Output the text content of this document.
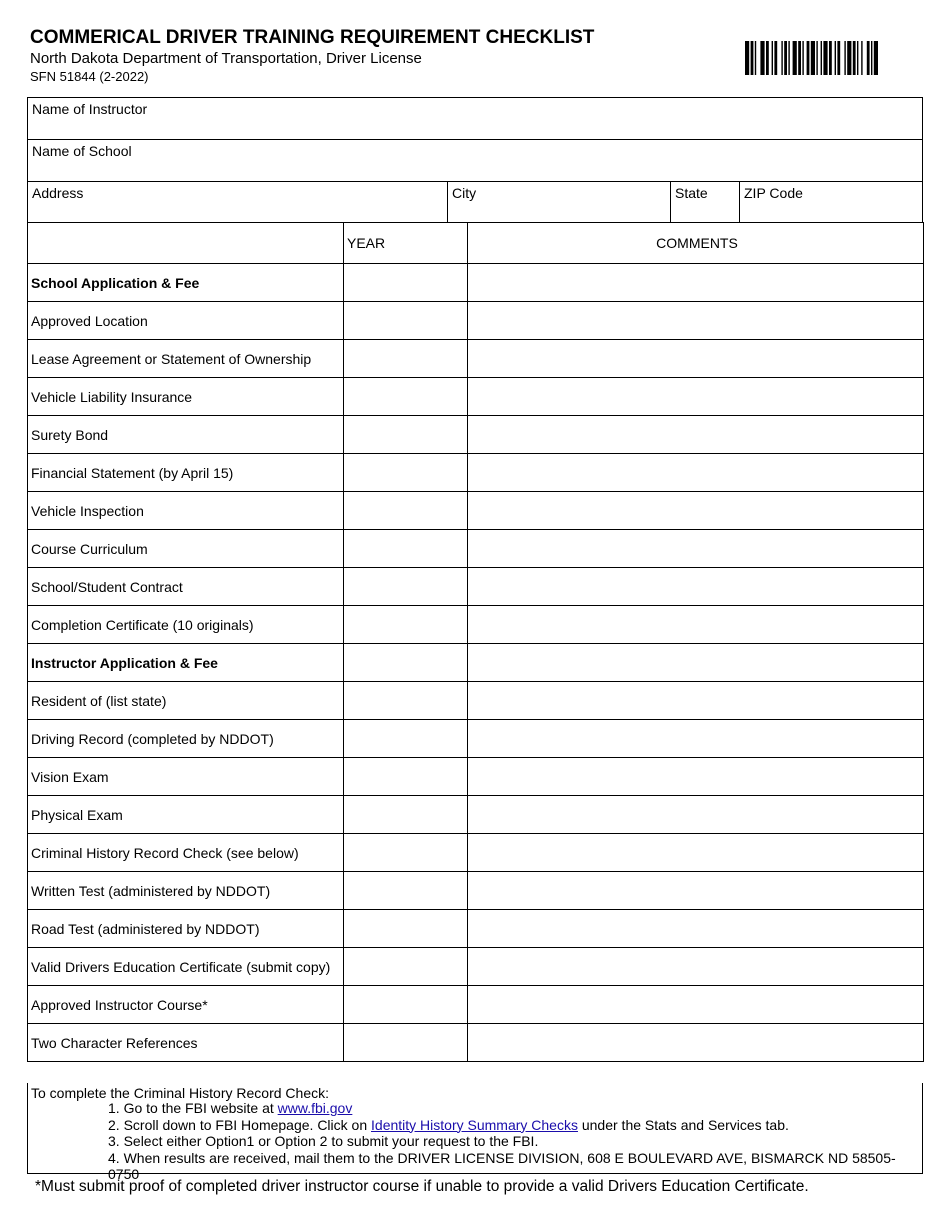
COMMERICAL DRIVER TRAINING REQUIREMENT CHECKLIST
North Dakota Department of Transportation, Driver License
SFN 51844 (2-2022)
Name of Instructor
Name of School
Address	City	State	ZIP Code
	YEAR	COMMENTS
School Application & Fee		
Approved Location		
Lease Agreement or Statement of Ownership		
Vehicle Liability Insurance		
Surety Bond		
Financial Statement (by April 15)		
Vehicle Inspection		
Course Curriculum		
School/Student Contract		
Completion Certificate (10 originals)		
Instructor Application & Fee		
Resident of (list state)		
Driving Record (completed by NDDOT)		
Vision Exam		
Physical Exam		
Criminal History Record Check (see below)		
Written Test (administered by NDDOT)		
Road Test (administered by NDDOT)		
Valid Drivers Education Certificate (submit copy)		
Approved Instructor Course*		
Two Character References		
To complete the Criminal History Record Check:
1. Go to the FBI website at www.fbi.gov
2. Scroll down to FBI Homepage. Click on Identity History Summary Checks under the Stats and Services tab.
3. Select either Option1 or Option 2 to submit your request to the FBI.
4. When results are received, mail them to the DRIVER LICENSE DIVISION, 608 E BOULEVARD AVE, BISMARCK ND 58505-0750
*Must submit proof of completed driver instructor course if unable to provide a valid Drivers Education Certificate.
